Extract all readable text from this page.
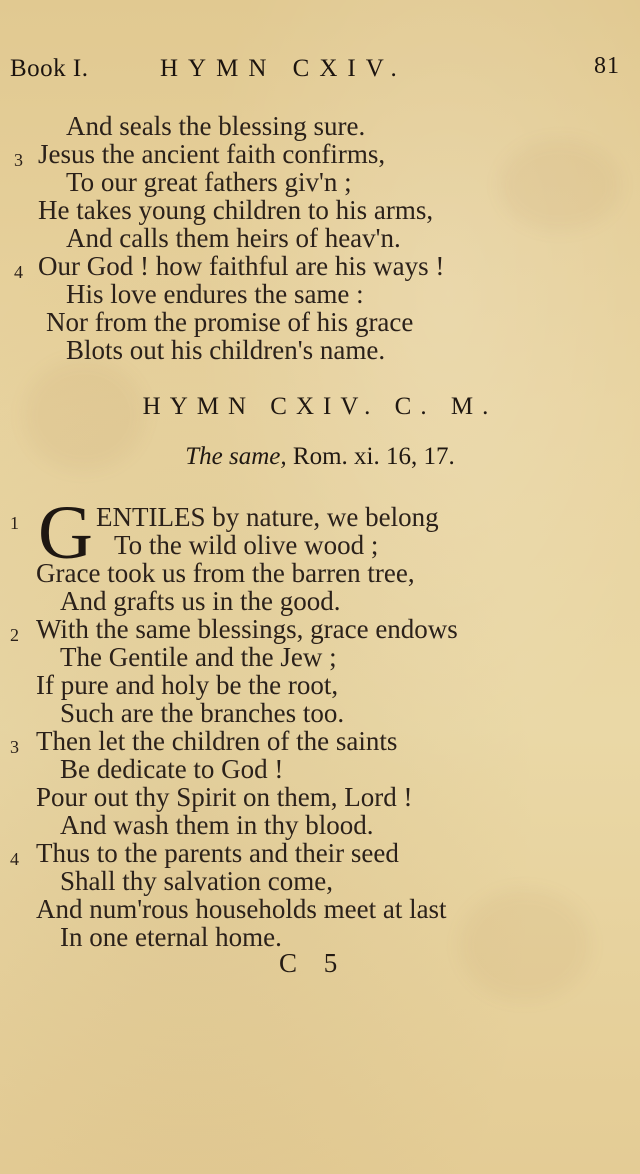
Book I.	HYMN CXIV.	81
And seals the blessing sure.
3 Jesus the ancient faith confirms,
To our great fathers giv'n ;
He takes young children to his arms,
And calls them heirs of heav'n.
4 Our God ! how faithful are his ways !
His love endures the same :
Nor from the promise of his grace
Blots out his children's name.
HYMN CXIV. C. M.
The same, Rom. xi. 16, 17.
1 G ENTILES by nature, we belong
To the wild olive wood ;
Grace took us from the barren tree,
And grafts us in the good.
2 With the same blessings, grace endows
The Gentile and the Jew ;
If pure and holy be the root,
Such are the branches too.
3 Then let the children of the saints
Be dedicate to God !
Pour out thy Spirit on them, Lord !
And wash them in thy blood.
4 Thus to the parents and their seed
Shall thy salvation come,
And num'rous households meet at last
In one eternal home.
C 5
